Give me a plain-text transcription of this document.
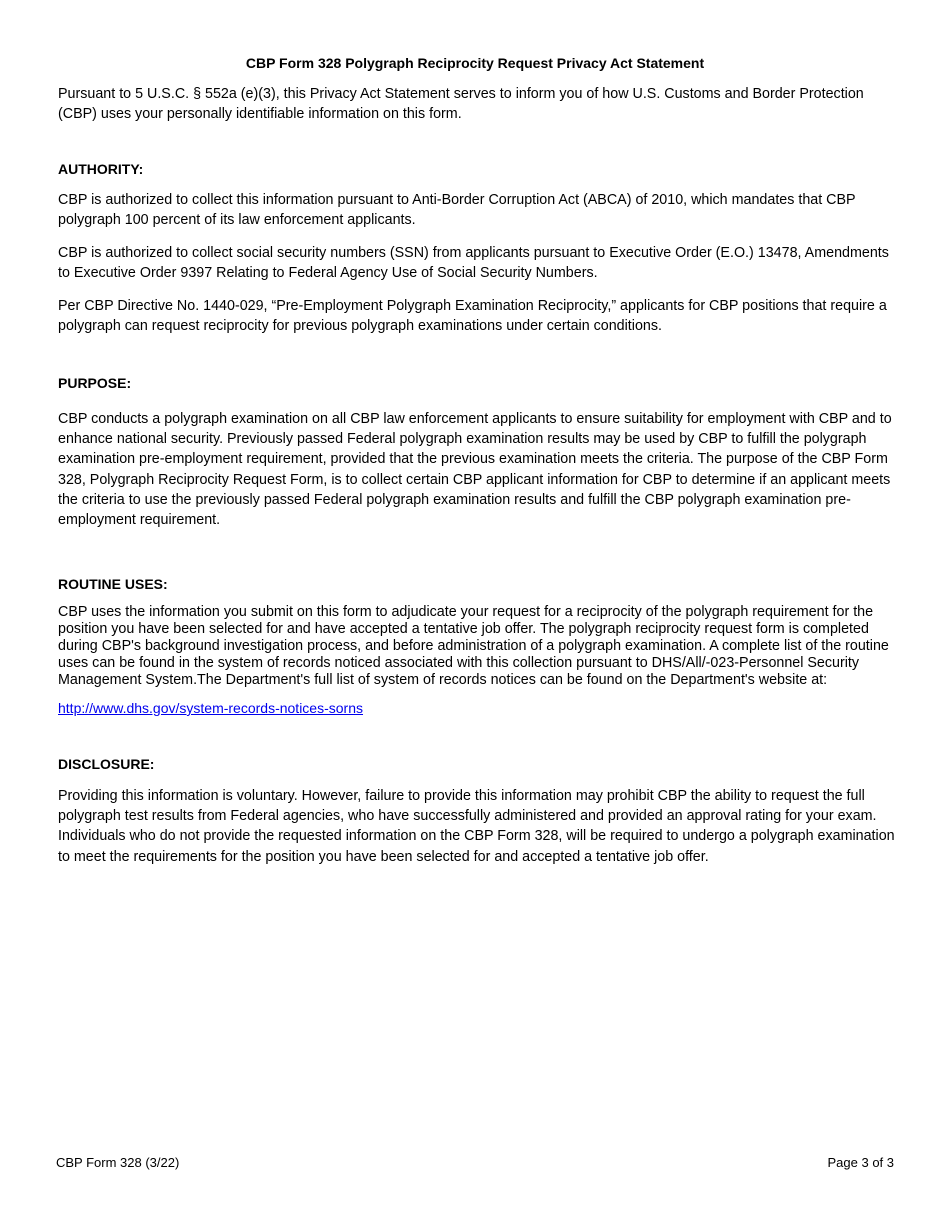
CBP Form 328 Polygraph Reciprocity Request Privacy Act Statement

Pursuant to 5 U.S.C. § 552a (e)(3), this Privacy Act Statement serves to inform you of how U.S. Customs and Border Protection (CBP) uses your personally identifiable information on this form.

AUTHORITY:

CBP is authorized to collect this information pursuant to Anti-Border Corruption Act (ABCA) of 2010, which mandates that CBP polygraph 100 percent of its law enforcement applicants.

CBP is authorized to collect social security numbers (SSN) from applicants pursuant to Executive Order (E.O.) 13478, Amendments to Executive Order 9397 Relating to Federal Agency Use of Social Security Numbers.

Per CBP Directive No. 1440-029, “Pre-Employment Polygraph Examination Reciprocity,” applicants for CBP positions that require a polygraph can request reciprocity for previous polygraph examinations under certain conditions.

PURPOSE:

CBP conducts a polygraph examination on all CBP law enforcement applicants to ensure suitability for employment with CBP and to enhance national security. Previously passed Federal polygraph examination results may be used by CBP to fulfill the polygraph examination pre-employment requirement, provided that the previous examination meets the criteria. The purpose of the CBP Form 328, Polygraph Reciprocity Request Form, is to collect certain CBP applicant information for CBP to determine if an applicant meets the criteria to use the previously passed Federal polygraph examination results and fulfill the CBP polygraph examination pre-employment requirement.

ROUTINE USES:

CBP uses the information you submit on this form to adjudicate your request for a reciprocity of the polygraph requirement for the position you have been selected for and have accepted a tentative job offer. The polygraph reciprocity request form is completed during CBP's background investigation process, and before administration of a polygraph examination. A complete list of the routine uses can be found in the system of records noticed associated with this collection pursuant to DHS/All/-023-Personnel Security Management System.The Department's full list of system of records notices can be found on the Department's website at:

http://www.dhs.gov/system-records-notices-sorns

DISCLOSURE:

Providing this information is voluntary. However, failure to provide this information may prohibit CBP the ability to request the full polygraph test results from Federal agencies, who have successfully administered and provided an approval rating for your exam. Individuals who do not provide the requested information on the CBP Form 328, will be required to undergo a polygraph examination to meet the requirements for the position you have been selected for and accepted a tentative job offer.

CBP Form 328 (3/22)	Page 3 of 3
